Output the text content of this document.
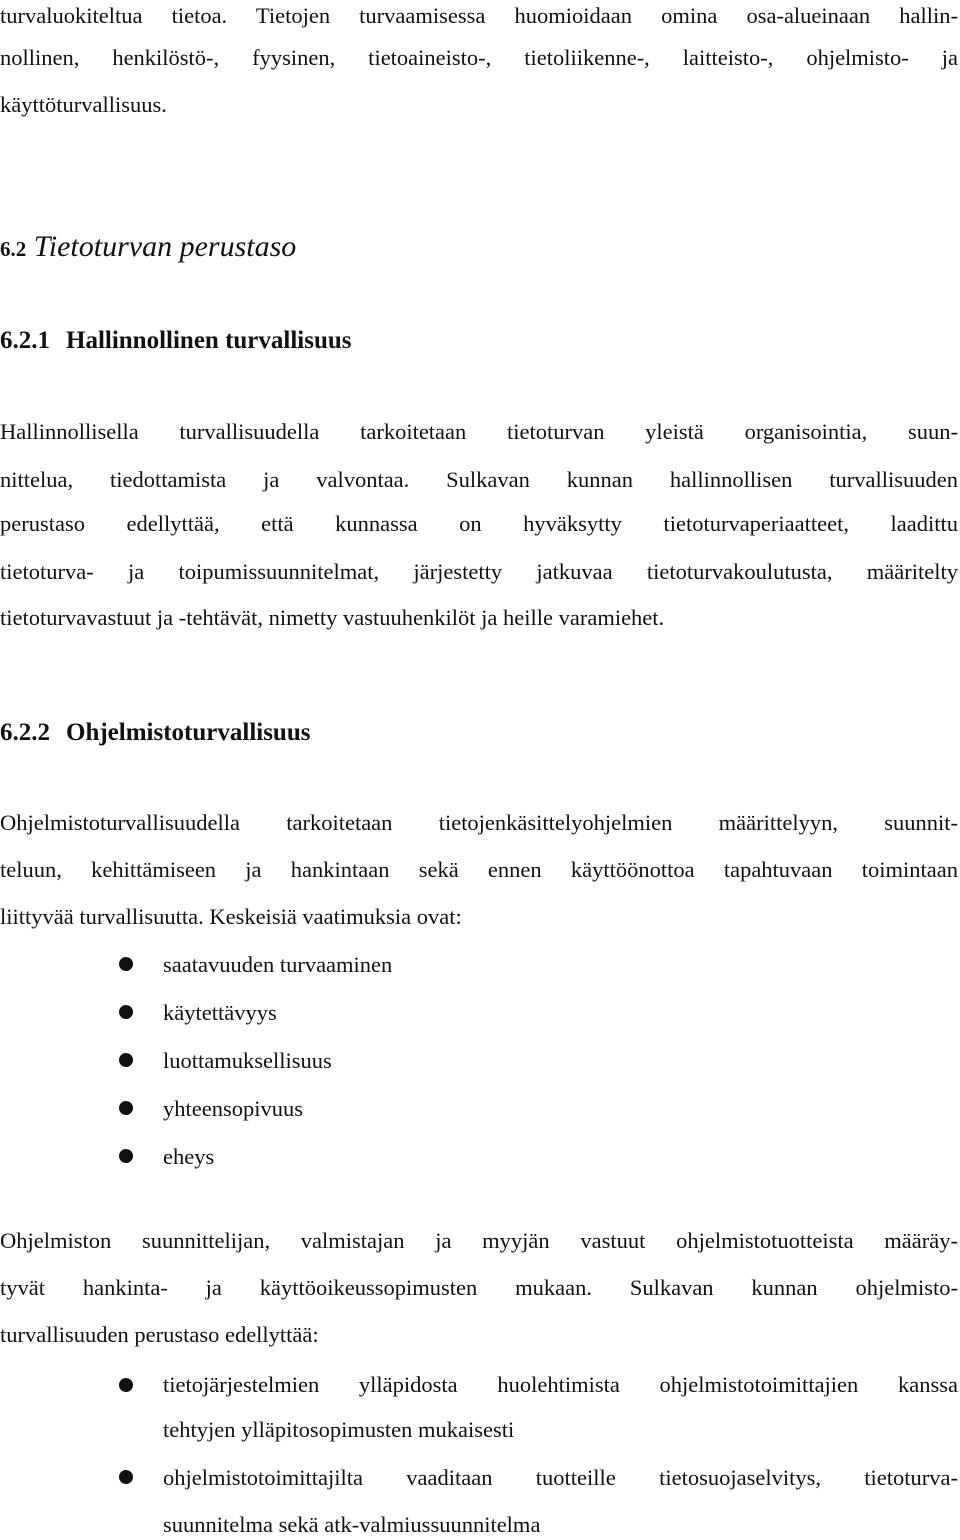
turvaluokiteltua tietoa. Tietojen turvaamisessa huomioidaan omina osa-alueinaan hallin-
nollinen, henkilöstö-, fyysinen, tietoaineisto-, tietoliikenne-, laitteisto-, ohjelmisto- ja
käyttöturvallisuus.
6.2 Tietoturvan perustaso
6.2.1 Hallinnollinen turvallisuus
Hallinnollisella turvallisuudella tarkoitetaan tietoturvan yleistä organisointia, suun-
nittelua, tiedottamista ja valvontaa. Sulkavan kunnan hallinnollisen turvallisuuden
perustaso edellyttää, että kunnassa on hyväksytty tietoturvaperiaatteet, laadittu
tietoturva- ja toipumissuunnitelmat, järjestetty jatkuvaa tietoturvakoulutusta, määritelty
tietoturvavastuut ja -tehtävät, nimetty vastuuhenkilöt ja heille varamiehet.
6.2.2 Ohjelmistoturvallisuus
Ohjelmistoturvallisuudella tarkoitetaan tietojenkäsittelyohjelmien määrittelyyn, suunnit-
teluun, kehittämiseen ja hankintaan sekä ennen käyttöönottoa tapahtuvaan toimintaan
liittyvää turvallisuutta. Keskeisiä vaatimuksia ovat:
saatavuuden turvaaminen
käytettävyys
luottamuksellisuus
yhteensopivuus
eheys
Ohjelmiston suunnittelijan, valmistajan ja myyjän vastuut ohjelmistotuotteista määräy-
tyvät hankinta- ja käyttöoikeussopimusten mukaan. Sulkavan kunnan ohjelmisto-
turvallisuuden perustaso edellyttää:
tietojärjestelmien ylläpidosta huolehtimista ohjelmistotoimittajien kanssa
tehtyjen ylläpitosopimusten mukaisesti
ohjelmistotoimittajilta vaaditaan tuotteille tietosuojaselvitys, tietoturva-
suunnitelma sekä atk-valmiussuunnitelma
